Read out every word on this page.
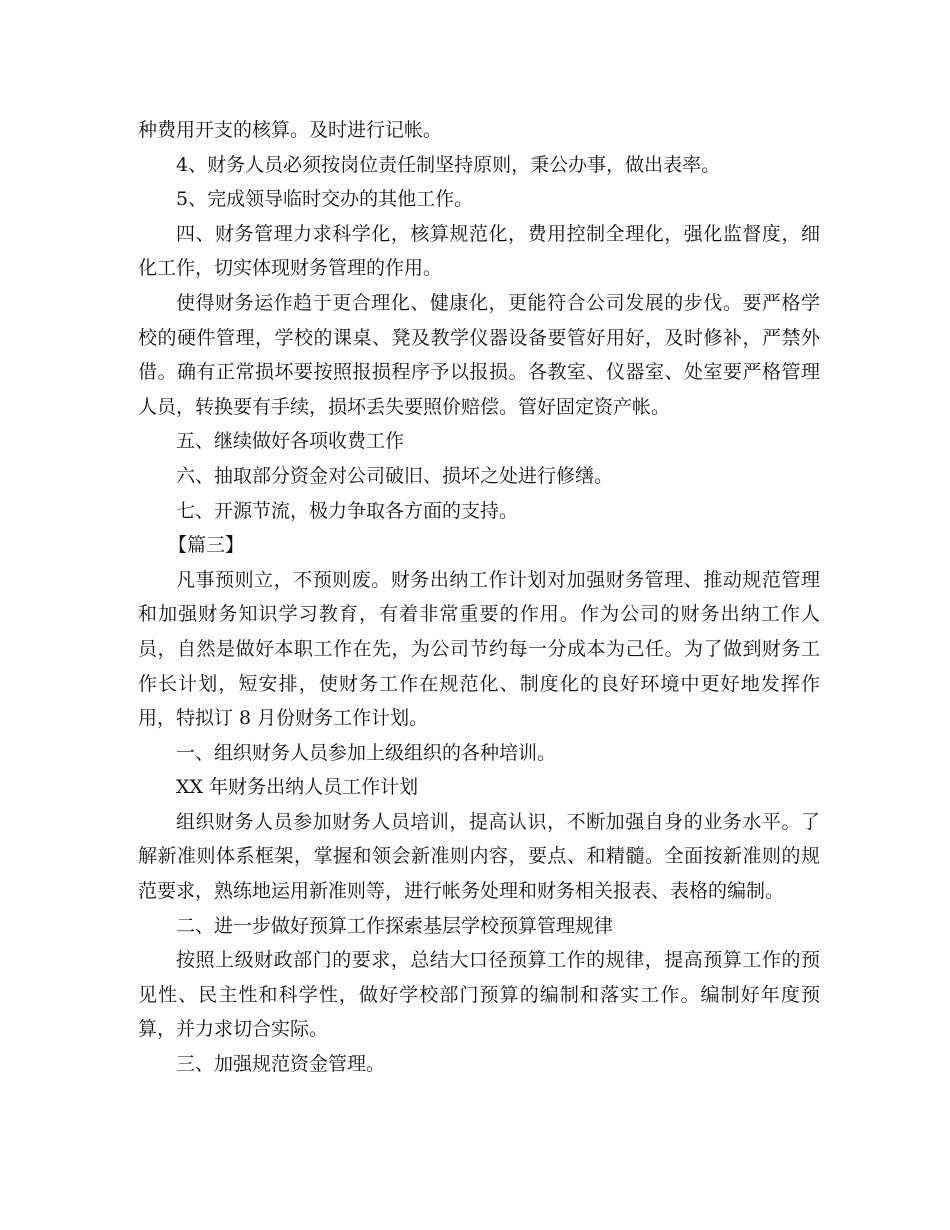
种费用开支的核算。及时进行记帐。

4、财务人员必须按岗位责任制坚持原则，秉公办事，做出表率。

5、完成领导临时交办的其他工作。

四、财务管理力求科学化，核算规范化，费用控制全理化，强化监督度，细化工作，切实体现财务管理的作用。

使得财务运作趋于更合理化、健康化，更能符合公司发展的步伐。要严格学校的硬件管理，学校的课桌、凳及教学仪器设备要管好用好，及时修补，严禁外借。确有正常损坏要按照报损程序予以报损。各教室、仪器室、处室要严格管理人员，转换要有手续，损坏丢失要照价赔偿。管好固定资产帐。

五、继续做好各项收费工作

六、抽取部分资金对公司破旧、损坏之处进行修缮。

七、开源节流，极力争取各方面的支持。

【篇三】

凡事预则立，不预则废。财务出纳工作计划对加强财务管理、推动规范管理和加强财务知识学习教育，有着非常重要的作用。作为公司的财务出纳工作人员，自然是做好本职工作在先，为公司节约每一分成本为己任。为了做到财务工作长计划，短安排，使财务工作在规范化、制度化的良好环境中更好地发挥作用，特拟订 8 月份财务工作计划。

一、组织财务人员参加上级组织的各种培训。

XX 年财务出纳人员工作计划

组织财务人员参加财务人员培训，提高认识，不断加强自身的业务水平。了解新准则体系框架，掌握和领会新准则内容，要点、和精髓。全面按新准则的规范要求，熟练地运用新准则等，进行帐务处理和财务相关报表、表格的编制。

二、进一步做好预算工作探索基层学校预算管理规律

按照上级财政部门的要求，总结大口径预算工作的规律，提高预算工作的预见性、民主性和科学性，做好学校部门预算的编制和落实工作。编制好年度预算，并力求切合实际。

三、加强规范资金管理。
